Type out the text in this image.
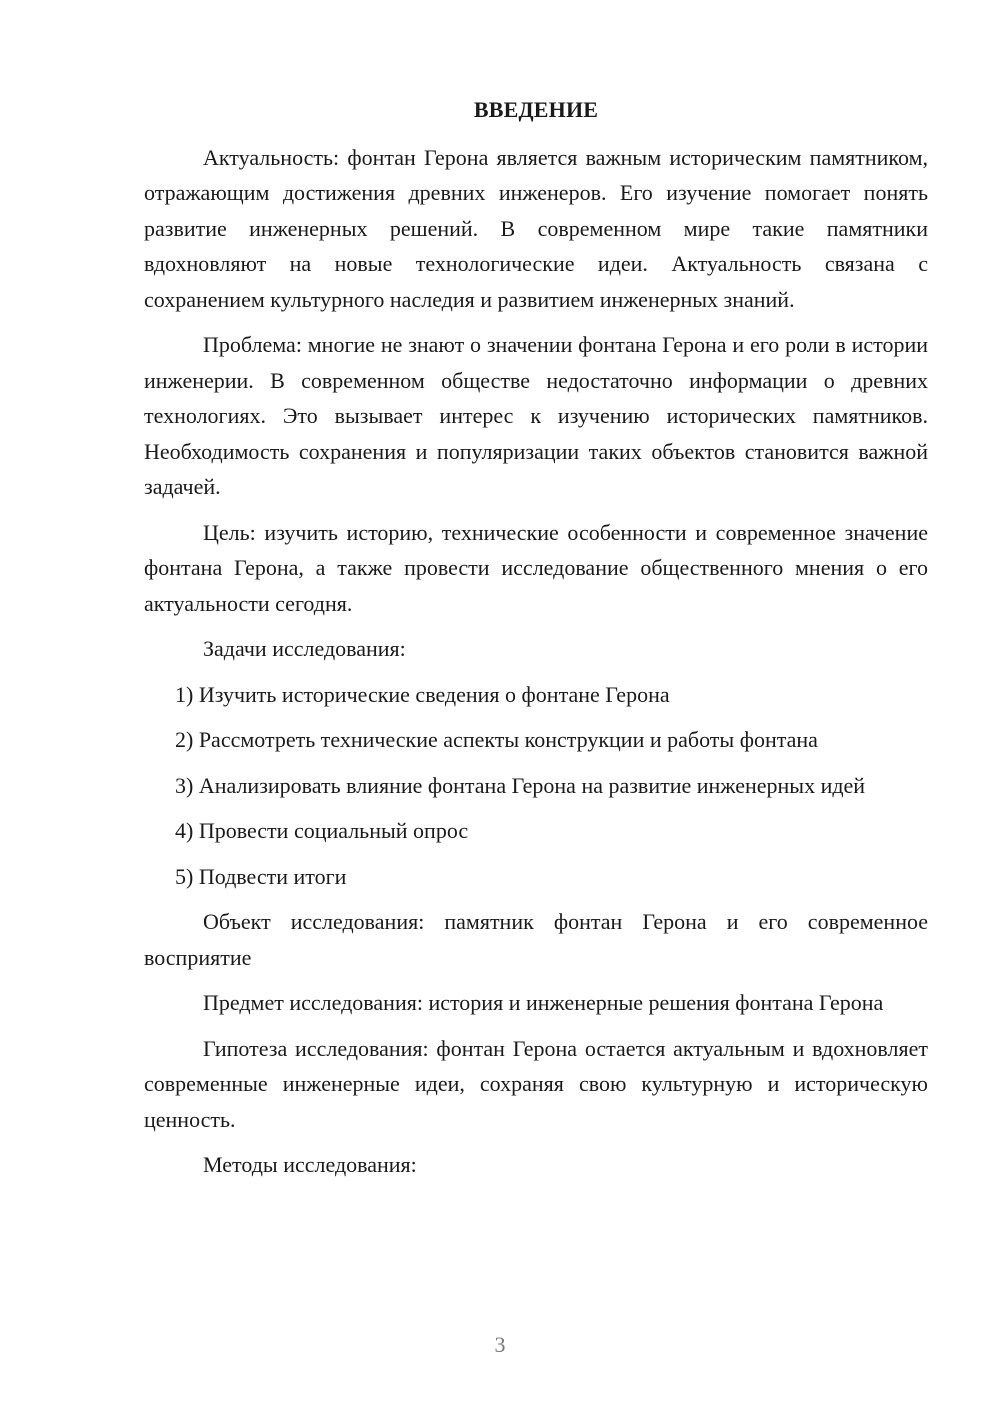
ВВЕДЕНИЕ

Актуальность: фонтан Герона является важным историческим памятником, отражающим достижения древних инженеров. Его изучение помогает понять развитие инженерных решений. В современном мире такие памятники вдохновляют на новые технологические идеи. Актуальность связана с сохранением культурного наследия и развитием инженерных знаний.

Проблема: многие не знают о значении фонтана Герона и его роли в истории инженерии. В современном обществе недостаточно информации о древних технологиях. Это вызывает интерес к изучению исторических памятников. Необходимость сохранения и популяризации таких объектов становится важной задачей.

Цель: изучить историю, технические особенности и современное значение фонтана Герона, а также провести исследование общественного мнения о его актуальности сегодня.

Задачи исследования:

1) Изучить исторические сведения о фонтане Герона

2) Рассмотреть технические аспекты конструкции и работы фонтана

3) Анализировать влияние фонтана Герона на развитие инженерных идей

4) Провести социальный опрос

5) Подвести итоги

Объект исследования: памятник фонтан Герона и его современное восприятие

Предмет исследования: история и инженерные решения фонтана Герона

Гипотеза исследования: фонтан Герона остается актуальным и вдохновляет современные инженерные идеи, сохраняя свою культурную и историческую ценность.

Методы исследования:

3
